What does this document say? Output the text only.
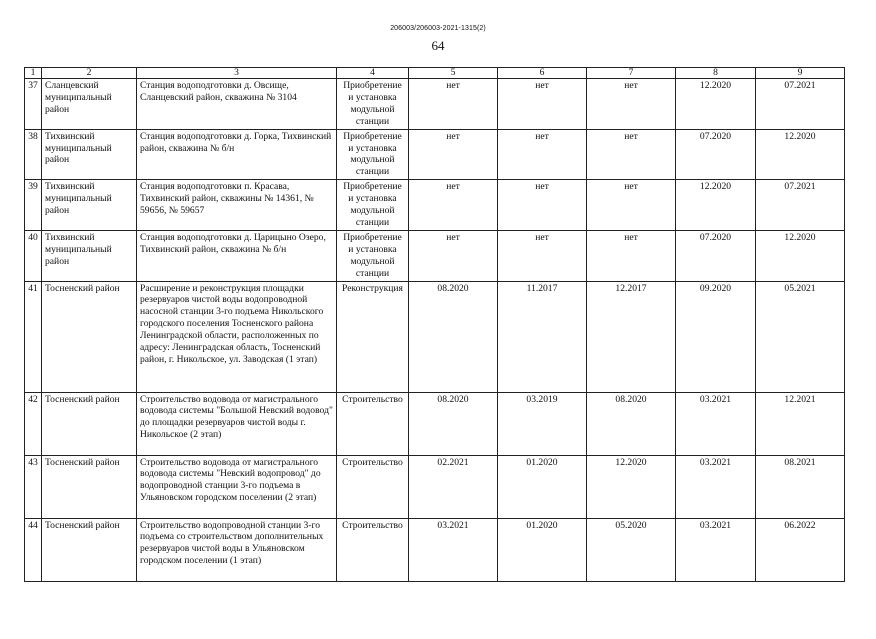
206003/206003-2021-1315(2)
64
1	2	3	4	5	6	7	8	9
37	Сланцевский муниципальный район	Станция водоподготовки д. Овсище, Сланцевский район, скважина № 3104	Приобретение и установка модульной станции	нет	нет	нет	12.2020	07.2021
38	Тихвинский муниципальный район	Станция водоподготовки д. Горка, Тихвинский район, скважина № б/н	Приобретение и установка модульной станции	нет	нет	нет	07.2020	12.2020
39	Тихвинский муниципальный район	Станция водоподготовки п. Красава, Тихвинский район, скважины № 14361, № 59656, № 59657	Приобретение и установка модульной станции	нет	нет	нет	12.2020	07.2021
40	Тихвинский муниципальный район	Станция водоподготовки д. Царицыно Озеро, Тихвинский район, скважина № б/н	Приобретение и установка модульной станции	нет	нет	нет	07.2020	12.2020
41	Тосненский район	Расширение и реконструкция площадки резервуаров чистой воды водопроводной насосной станции 3-го подъема Никольского городского поселения Тосненского района Ленинградской области, расположенных по адресу: Ленинградская область, Тосненский район, г. Никольское, ул. Заводская (1 этап)	Реконструкция	08.2020	11.2017	12.2017	09.2020	05.2021
42	Тосненский район	Строительство водовода от магистрального водовода системы "Большой Невский водовод" до площадки резервуаров чистой воды г. Никольское (2 этап)	Строительство	08.2020	03.2019	08.2020	03.2021	12.2021
43	Тосненский район	Строительство водовода от магистрального водовода системы "Невский водопровод" до водопроводной станции 3-го подъема в Ульяновском городском поселении (2 этап)	Строительство	02.2021	01.2020	12.2020	03.2021	08.2021
44	Тосненский район	Строительство водопроводной станции 3-го подъема со строительством дополнительных резервуаров чистой воды в Ульяновском городском поселении (1 этап)	Строительство	03.2021	01.2020	05.2020	03.2021	06.2022
